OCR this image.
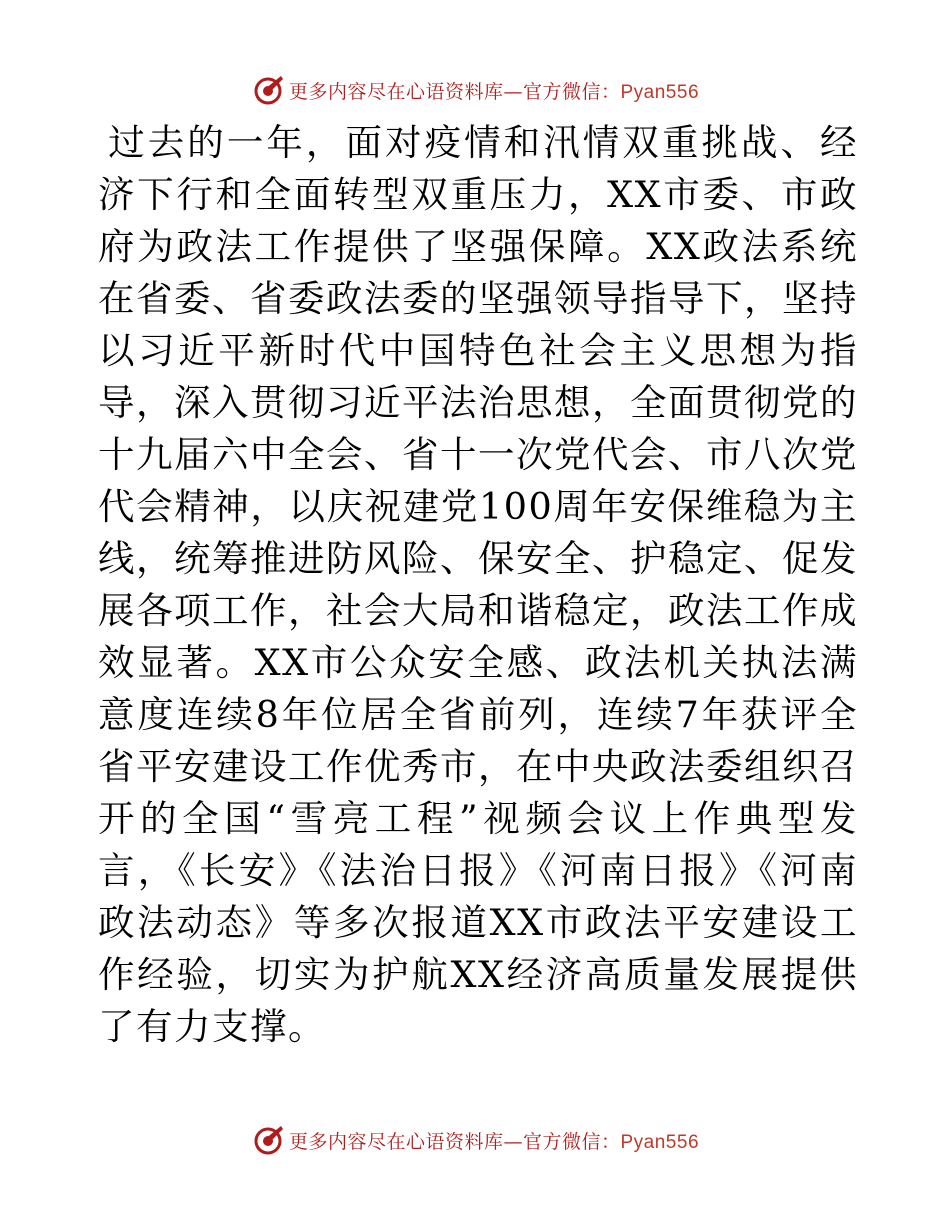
更多内容尽在心语资料库—官方微信：Pyan556

过去的一年，面对疫情和汛情双重挑战、经济下行和全面转型双重压力，XX市委、市政府为政法工作提供了坚强保障。XX政法系统在省委、省委政法委的坚强领导指导下，坚持以习近平新时代中国特色社会主义思想为指导，深入贯彻习近平法治思想，全面贯彻党的十九届六中全会、省十一次党代会、市八次党代会精神，以庆祝建党100周年安保维稳为主线，统筹推进防风险、保安全、护稳定、促发展各项工作，社会大局和谐稳定，政法工作成效显著。XX市公众安全感、政法机关执法满意度连续8年位居全省前列，连续7年获评全省平安建设工作优秀市，在中央政法委组织召开的全国“雪亮工程”视频会议上作典型发言，《长安》《法治日报》《河南日报》《河南政法动态》等多次报道XX市政法平安建设工作经验，切实为护航XX经济高质量发展提供了有力支撑。

更多内容尽在心语资料库—官方微信：Pyan556
